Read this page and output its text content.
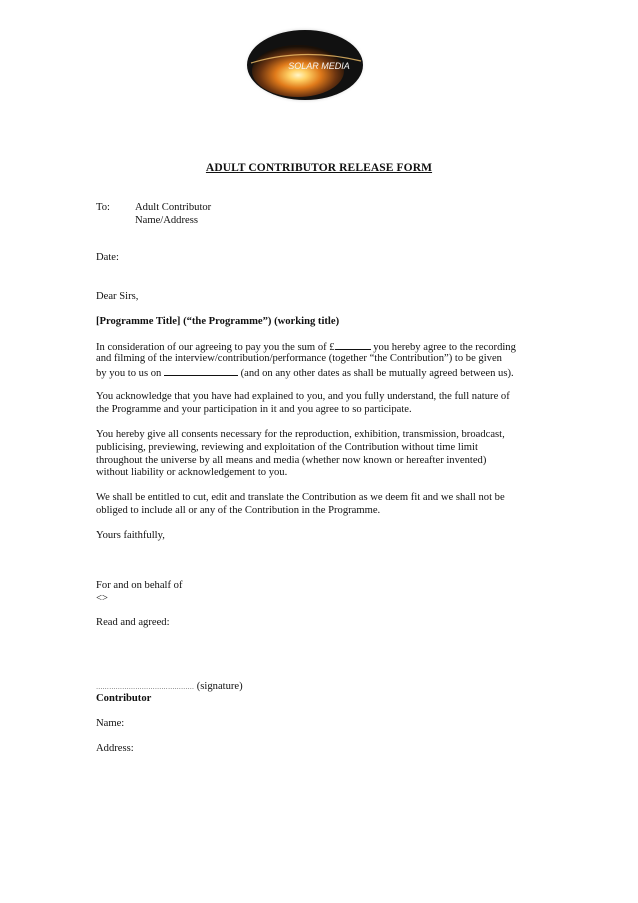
SOLAR MEDIA
ADULT CONTRIBUTOR RELEASE FORM
To: Adult Contributor
Name/Address
Date:
Dear Sirs,
[Programme Title] (“the Programme”) (working title)
In consideration of our agreeing to pay you the sum of £	you hereby agree to the recording
and filming of the interview/contribution/performance (together “the Contribution”) to be given
by you to us on	(and on any other dates as shall be mutually agreed between us).
You acknowledge that you have had explained to you, and you fully understand, the full nature of
the Programme and your participation in it and you agree to so participate.
You hereby give all consents necessary for the reproduction, exhibition, transmission, broadcast,
publicising, previewing, reviewing and exploitation of the Contribution without time limit
throughout the universe by all means and media (whether now known or hereafter invented)
without liability or acknowledgement to you.
We shall be entitled to cut, edit and translate the Contribution as we deem fit and we shall not be
obliged to include all or any of the Contribution in the Programme.
Yours faithfully,
For and on behalf of
<>
Read and agreed:
……………………………………… (signature)
Contributor
Name:
Address:
